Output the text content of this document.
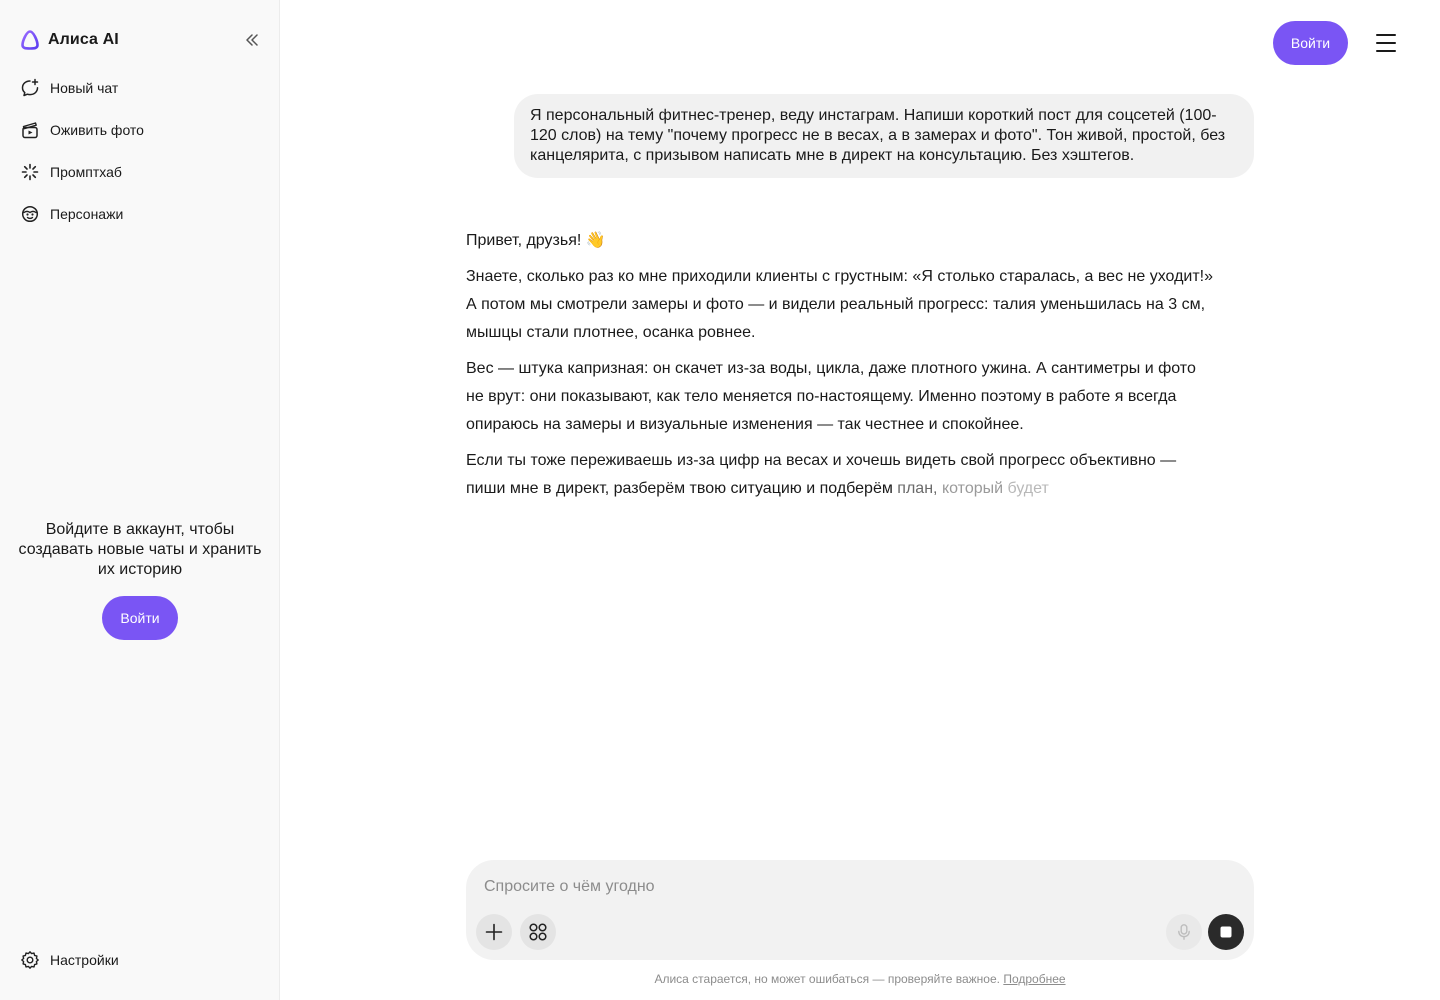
Алиса AI
Новый чат
Оживить фото
Промптхаб
Персонажи

Войдите в аккаунт, чтобы создавать новые чаты и хранить их историю

Войти
Настройки
Войти
Я персональный фитнес-тренер, веду инстаграм. Напиши короткий пост для соцсетей (100-120 слов) на тему "почему прогресс не в весах, а в замерах и фото". Тон живой, простой, без канцелярита, с призывом написать мне в директ на консультацию. Без хэштегов.

Привет, друзья! 👋

Знаете, сколько раз ко мне приходили клиенты с грустным: «Я столько старалась, а вес не уходит!» А потом мы смотрели замеры и фото — и видели реальный прогресс: талия уменьшилась на 3 см, мышцы стали плотнее, осанка ровнее.

Вес — штука капризная: он скачет из-за воды, цикла, даже плотного ужина. А сантиметры и фото не врут: они показывают, как тело меняется по-настоящему. Именно поэтому в работе я всегда опираюсь на замеры и визуальные изменения — так честнее и спокойнее.

Если ты тоже переживаешь из-за цифр на весах и хочешь видеть свой прогресс объективно — пиши мне в директ, разберём твою ситуацию и подберём план, который будет

Спросите о чём угодно
Алиса старается, но может ошибаться — проверяйте важное. Подробнее
